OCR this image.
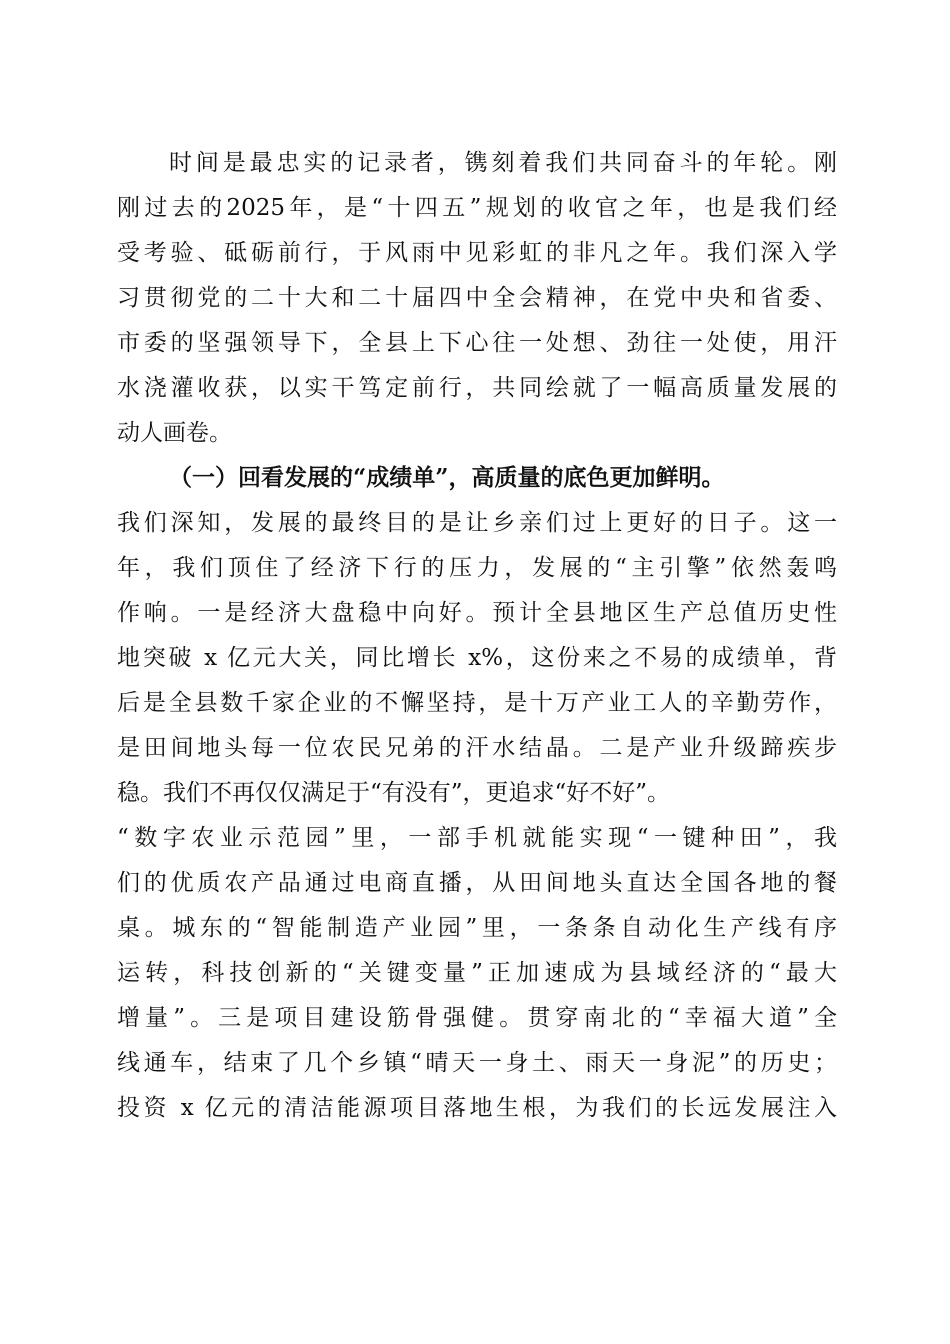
时间是最忠实的记录者，镌刻着我们共同奋斗的年轮。刚
刚过去的2025年，是“十四五”规划的收官之年，也是我们经
受考验、砥砺前行，于风雨中见彩虹的非凡之年。我们深入学
习贯彻党的二十大和二十届四中全会精神，在党中央和省委、
市委的坚强领导下，全县上下心往一处想、劲往一处使，用汗
水浇灌收获，以实干笃定前行，共同绘就了一幅高质量发展的
动人画卷。
（一）回看发展的“成绩单”，高质量的底色更加鲜明。
我们深知，发展的最终目的是让乡亲们过上更好的日子。这一
年，我们顶住了经济下行的压力，发展的“主引擎”依然轰鸣
作响。一是经济大盘稳中向好。预计全县地区生产总值历史性
地突破 x 亿元大关，同比增长 x%，这份来之不易的成绩单，背
后是全县数千家企业的不懈坚持，是十万产业工人的辛勤劳作，
是田间地头每一位农民兄弟的汗水结晶。二是产业升级蹄疾步
稳。我们不再仅仅满足于“有没有”，更追求“好不好”。
“数字农业示范园”里，一部手机就能实现“一键种田”，我
们的优质农产品通过电商直播，从田间地头直达全国各地的餐
桌。城东的“智能制造产业园”里，一条条自动化生产线有序
运转，科技创新的“关键变量”正加速成为县域经济的“最大
增量”。三是项目建设筋骨强健。贯穿南北的“幸福大道”全
线通车，结束了几个乡镇“晴天一身土、雨天一身泥”的历史；
投资 x 亿元的清洁能源项目落地生根，为我们的长远发展注入
